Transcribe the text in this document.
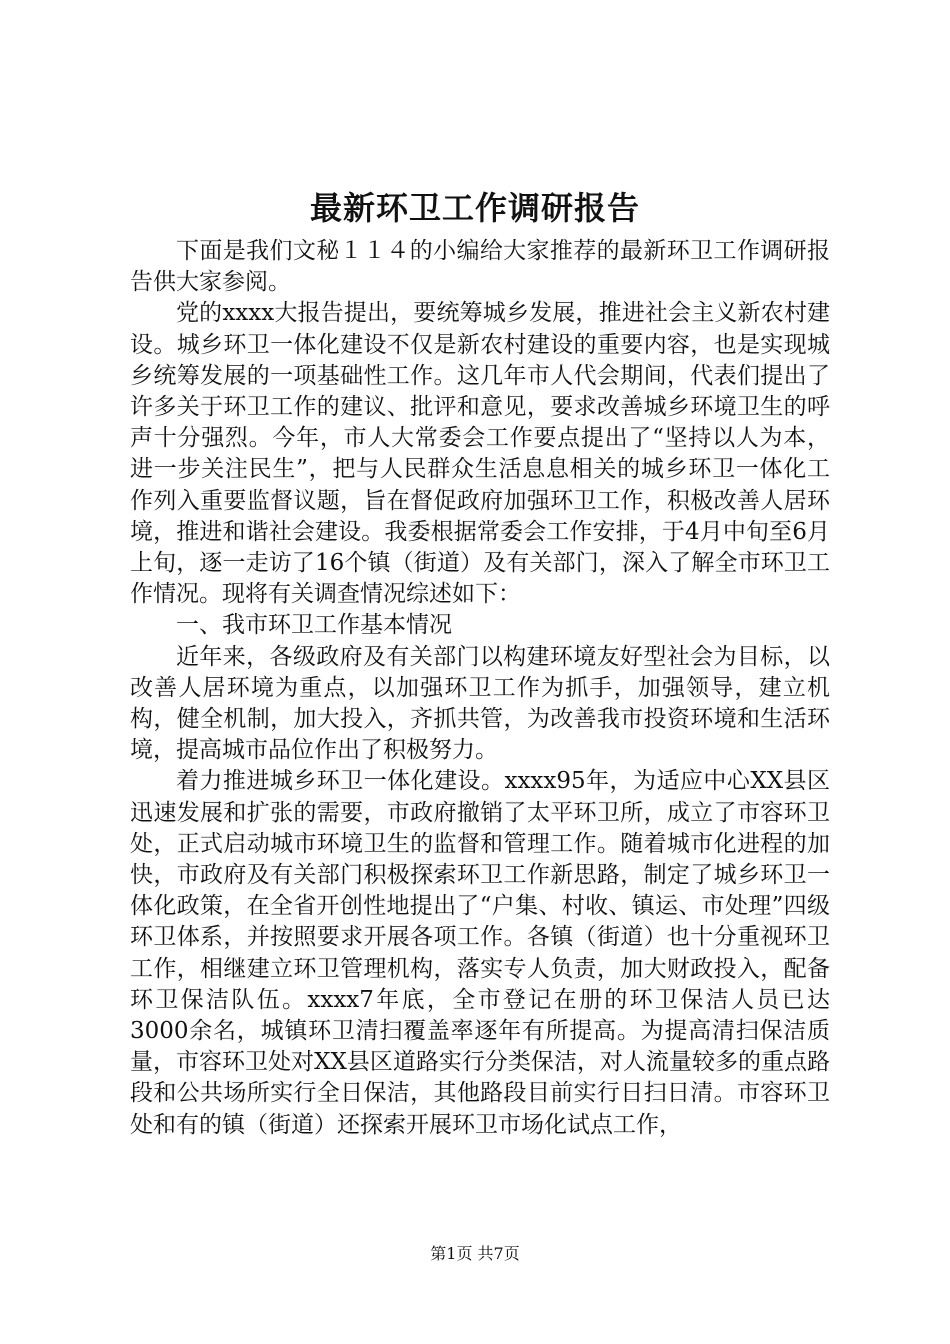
最新环卫工作调研报告

下面是我们文秘１１４的小编给大家推荐的最新环卫工作调研报告供大家参阅。

党的xxxx大报告提出，要统筹城乡发展，推进社会主义新农村建设。城乡环卫一体化建设不仅是新农村建设的重要内容，也是实现城乡统筹发展的一项基础性工作。这几年市人代会期间，代表们提出了许多关于环卫工作的建议、批评和意见，要求改善城乡环境卫生的呼声十分强烈。今年，市人大常委会工作要点提出了“坚持以人为本，进一步关注民生”，把与人民群众生活息息相关的城乡环卫一体化工作列入重要监督议题，旨在督促政府加强环卫工作，积极改善人居环境，推进和谐社会建设。我委根据常委会工作安排，于4月中旬至6月上旬，逐一走访了16个镇（街道）及有关部门，深入了解全市环卫工作情况。现将有关调查情况综述如下：

一、我市环卫工作基本情况

近年来，各级政府及有关部门以构建环境友好型社会为目标，以改善人居环境为重点，以加强环卫工作为抓手，加强领导，建立机构，健全机制，加大投入，齐抓共管，为改善我市投资环境和生活环境，提高城市品位作出了积极努力。

着力推进城乡环卫一体化建设。xxxx95年，为适应中心XX县区迅速发展和扩张的需要，市政府撤销了太平环卫所，成立了市容环卫处，正式启动城市环境卫生的监督和管理工作。随着城市化进程的加快，市政府及有关部门积极探索环卫工作新思路，制定了城乡环卫一体化政策，在全省开创性地提出了“户集、村收、镇运、市处理”四级环卫体系，并按照要求开展各项工作。各镇（街道）也十分重视环卫工作，相继建立环卫管理机构，落实专人负责，加大财政投入，配备环卫保洁队伍。xxxx7年底，全市登记在册的环卫保洁人员已达3000余名，城镇环卫清扫覆盖率逐年有所提高。为提高清扫保洁质量，市容环卫处对XX县区道路实行分类保洁，对人流量较多的重点路段和公共场所实行全日保洁，其他路段目前实行日扫日清。市容环卫处和有的镇（街道）还探索开展环卫市场化试点工作，

第1页 共7页
